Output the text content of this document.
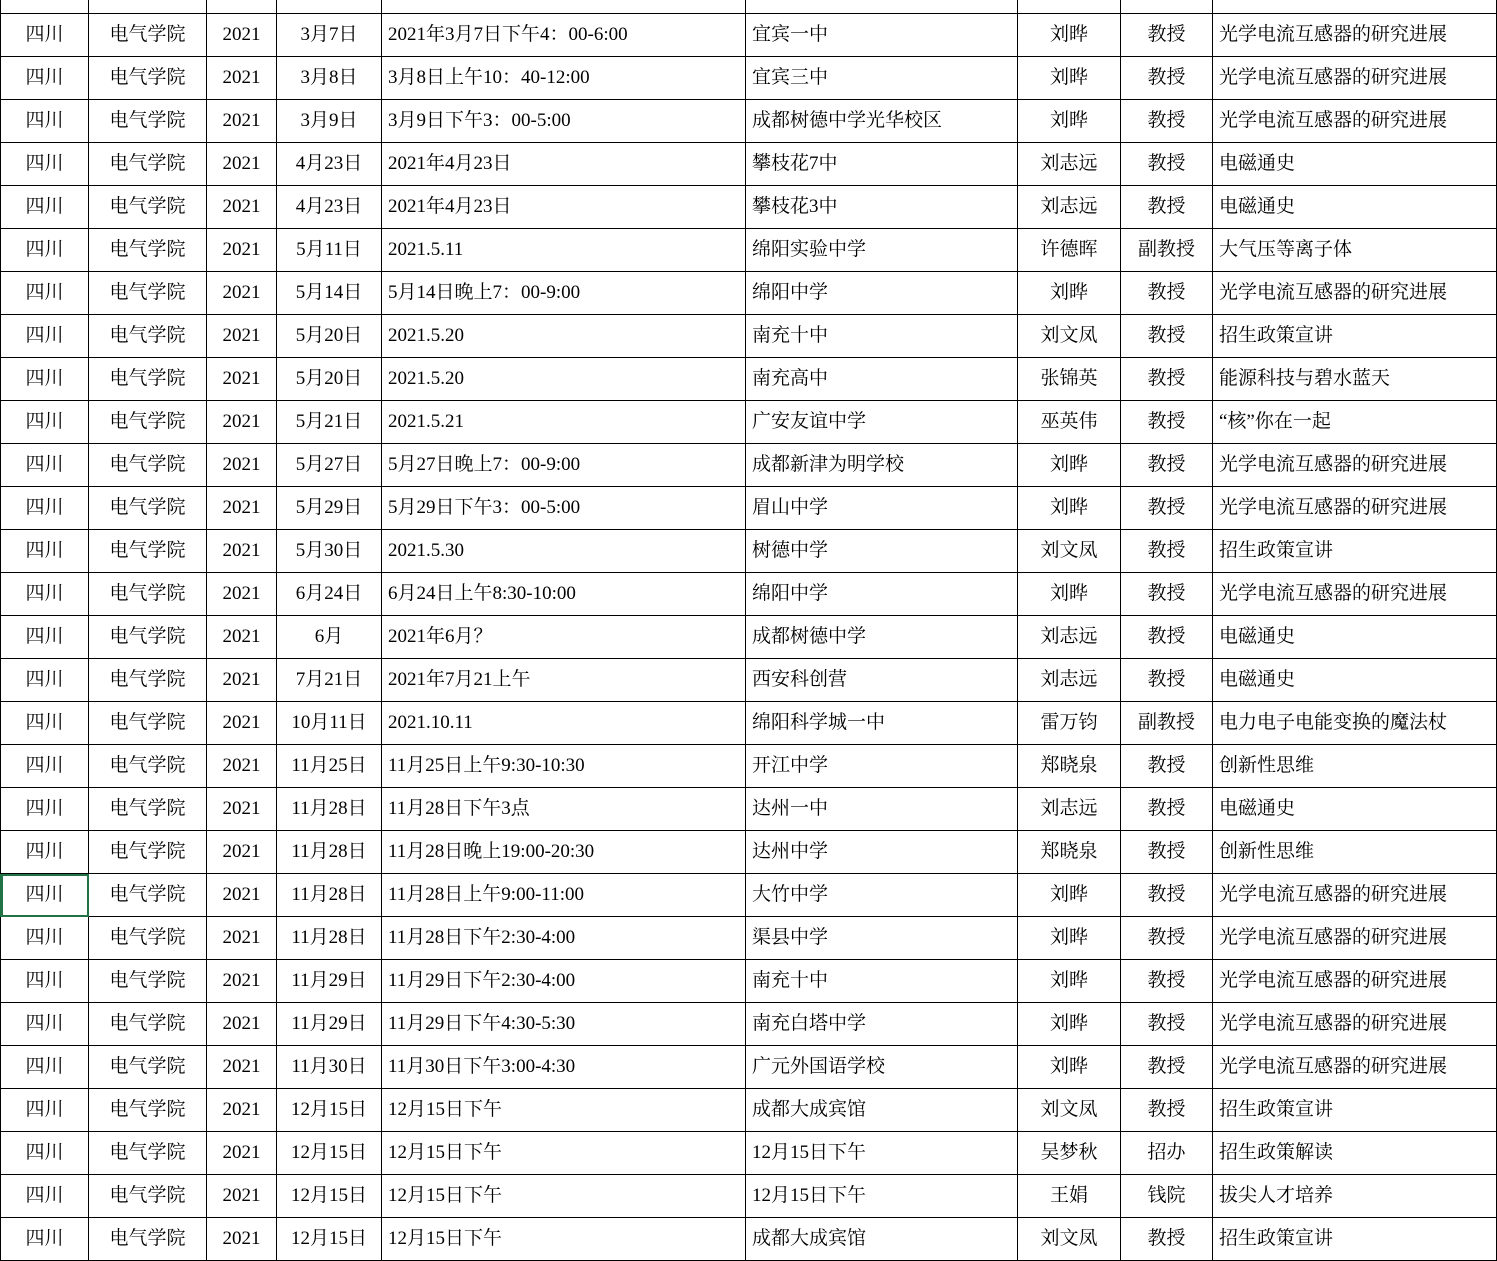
四川	电气学院	2021	3月7日	2021年3月7日下午4：00-6:00	宜宾一中	刘晔	教授	光学电流互感器的研究进展
四川	电气学院	2021	3月8日	3月8日上午10：40-12:00	宜宾三中	刘晔	教授	光学电流互感器的研究进展
四川	电气学院	2021	3月9日	3月9日下午3：00-5:00	成都树德中学光华校区	刘晔	教授	光学电流互感器的研究进展
四川	电气学院	2021	4月23日	2021年4月23日	攀枝花7中	刘志远	教授	电磁通史
四川	电气学院	2021	4月23日	2021年4月23日	攀枝花3中	刘志远	教授	电磁通史
四川	电气学院	2021	5月11日	2021.5.11	绵阳实验中学	许德晖	副教授	大气压等离子体
四川	电气学院	2021	5月14日	5月14日晚上7：00-9:00	绵阳中学	刘晔	教授	光学电流互感器的研究进展
四川	电气学院	2021	5月20日	2021.5.20	南充十中	刘文凤	教授	招生政策宣讲
四川	电气学院	2021	5月20日	2021.5.20	南充高中	张锦英	教授	能源科技与碧水蓝天
四川	电气学院	2021	5月21日	2021.5.21	广安友谊中学	巫英伟	教授	“核”你在一起
四川	电气学院	2021	5月27日	5月27日晚上7：00-9:00	成都新津为明学校	刘晔	教授	光学电流互感器的研究进展
四川	电气学院	2021	5月29日	5月29日下午3：00-5:00	眉山中学	刘晔	教授	光学电流互感器的研究进展
四川	电气学院	2021	5月30日	2021.5.30	树德中学	刘文凤	教授	招生政策宣讲
四川	电气学院	2021	6月24日	6月24日上午8:30-10:00	绵阳中学	刘晔	教授	光学电流互感器的研究进展
四川	电气学院	2021	6月	2021年6月？	成都树德中学	刘志远	教授	电磁通史
四川	电气学院	2021	7月21日	2021年7月21上午	西安科创营	刘志远	教授	电磁通史
四川	电气学院	2021	10月11日	2021.10.11	绵阳科学城一中	雷万钧	副教授	电力电子电能变换的魔法杖
四川	电气学院	2021	11月25日	11月25日上午9:30-10:30	开江中学	郑晓泉	教授	创新性思维
四川	电气学院	2021	11月28日	11月28日下午3点	达州一中	刘志远	教授	电磁通史
四川	电气学院	2021	11月28日	11月28日晚上19:00-20:30	达州中学	郑晓泉	教授	创新性思维
四川	电气学院	2021	11月28日	11月28日上午9:00-11:00	大竹中学	刘晔	教授	光学电流互感器的研究进展
四川	电气学院	2021	11月28日	11月28日下午2:30-4:00	渠县中学	刘晔	教授	光学电流互感器的研究进展
四川	电气学院	2021	11月29日	11月29日下午2:30-4:00	南充十中	刘晔	教授	光学电流互感器的研究进展
四川	电气学院	2021	11月29日	11月29日下午4:30-5:30	南充白塔中学	刘晔	教授	光学电流互感器的研究进展
四川	电气学院	2021	11月30日	11月30日下午3:00-4:30	广元外国语学校	刘晔	教授	光学电流互感器的研究进展
四川	电气学院	2021	12月15日	12月15日下午	成都大成宾馆	刘文凤	教授	招生政策宣讲
四川	电气学院	2021	12月15日	12月15日下午	12月15日下午	吴梦秋	招办	招生政策解读
四川	电气学院	2021	12月15日	12月15日下午	12月15日下午	王娟	钱院	拔尖人才培养
四川	电气学院	2021	12月15日	12月15日下午	成都大成宾馆	刘文凤	教授	招生政策宣讲
